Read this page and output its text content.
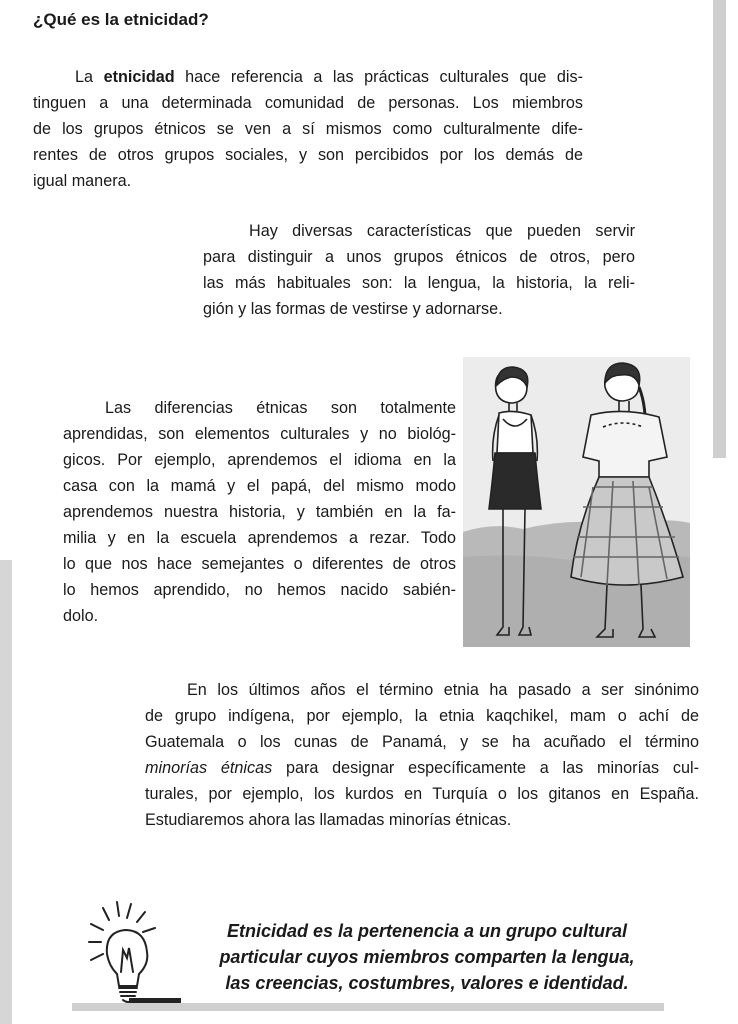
¿Qué es la etnicidad?
La etnicidad hace referencia a las prácticas culturales que dis-
tinguen a una determinada comunidad de personas. Los miembros
de los grupos étnicos se ven a sí mismos como culturalmente dife-
rentes de otros grupos sociales, y son percibidos por los demás de
igual manera.
Hay diversas características que pueden servir
para distinguir a unos grupos étnicos de otros, pero
las más habituales son: la lengua, la historia, la reli-
gión y las formas de vestirse y adornarse.
Las diferencias étnicas son totalmente
aprendidas, son elementos culturales y no biológ-
gicos. Por ejemplo, aprendemos el idioma en la
casa con la mamá y el papá, del mismo modo
aprendemos nuestra historia, y también en la fa-
milia y en la escuela aprendemos a rezar. Todo
lo que nos hace semejantes o diferentes de otros
lo hemos aprendido, no hemos nacido sabién-
dolo.
En los últimos años el término etnia ha pasado a ser sinónimo
de grupo indígena, por ejemplo, la etnia kaqchikel, mam o achí de
Guatemala o los cunas de Panamá, y se ha acuñado el término
minorías étnicas para designar específicamente a las minorías cul-
turales, por ejemplo, los kurdos en Turquía o los gitanos en España.
Estudiaremos ahora las llamadas minorías étnicas.
Etnicidad es la pertenencia a un grupo cultural
particular cuyos miembros comparten la lengua,
las creencias, costumbres, valores e identidad.
